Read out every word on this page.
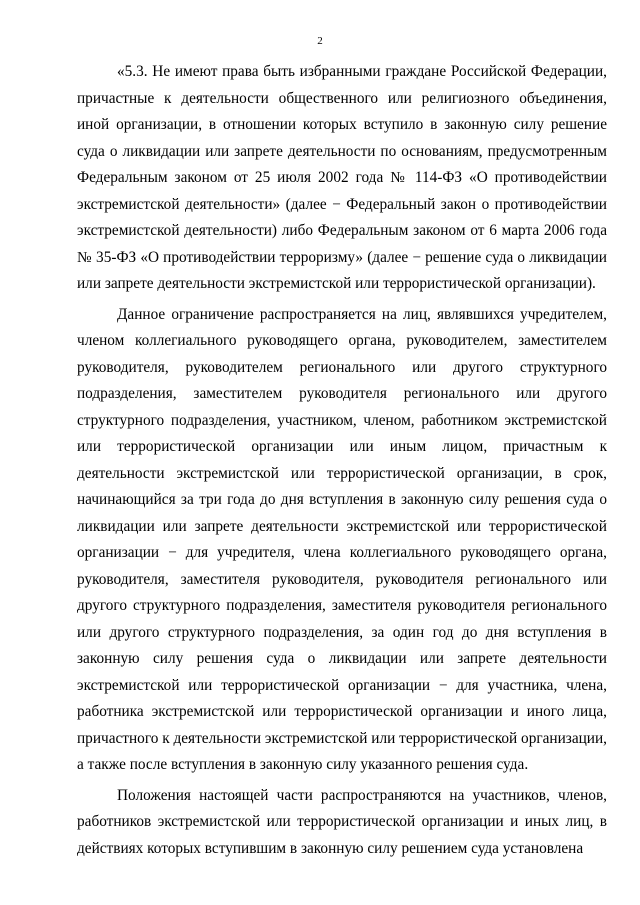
2

«5.3. Не имеют права быть избранными граждане Российской Федерации, причастные к деятельности общественного или религиозного объединения, иной организации, в отношении которых вступило в законную силу решение суда о ликвидации или запрете деятельности по основаниям, предусмотренным Федеральным законом от 25 июля 2002 года № 114-ФЗ «О противодействии экстремистской деятельности» (далее − Федеральный закон о противодействии экстремистской деятельности) либо Федеральным законом от 6 марта 2006 года № 35-ФЗ «О противодействии терроризму» (далее − решение суда о ликвидации или запрете деятельности экстремистской или террористической организации).

Данное ограничение распространяется на лиц, являвшихся учредителем, членом коллегиального руководящего органа, руководителем, заместителем руководителя, руководителем регионального или другого структурного подразделения, заместителем руководителя регионального или другого структурного подразделения, участником, членом, работником экстремистской или террористической организации или иным лицом, причастным к деятельности экстремистской или террористической организации, в срок, начинающийся за три года до дня вступления в законную силу решения суда о ликвидации или запрете деятельности экстремистской или террористической организации − для учредителя, члена коллегиального руководящего органа, руководителя, заместителя руководителя, руководителя регионального или другого структурного подразделения, заместителя руководителя регионального или другого структурного подразделения, за один год до дня вступления в законную силу решения суда о ликвидации или запрете деятельности экстремистской или террористической организации − для участника, члена, работника экстремистской или террористической организации и иного лица, причастного к деятельности экстремистской или террористической организации, а также после вступления в законную силу указанного решения суда.

Положения настоящей части распространяются на участников, членов, работников экстремистской или террористической организации и иных лиц, в действиях которых вступившим в законную силу решением суда установлена
